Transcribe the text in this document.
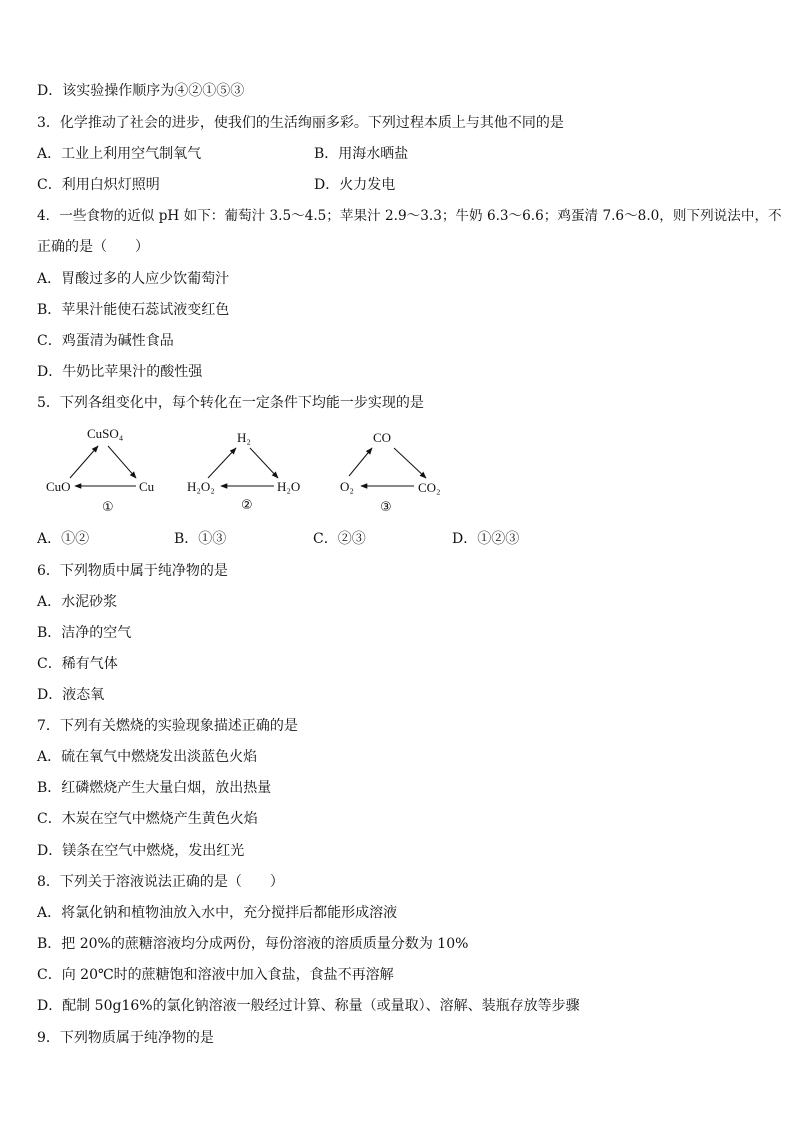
D．该实验操作顺序为④②①⑤③
3．化学推动了社会的进步，使我们的生活绚丽多彩。下列过程本质上与其他不同的是
A．工业上利用空气制氧气	B．用海水晒盐
C．利用白炽灯照明	D．火力发电
4．一些食物的近似 pH 如下：葡萄汁 3.5～4.5；苹果汁 2.9～3.3；牛奶 6.3～6.6；鸡蛋清 7.6～8.0，则下列说法中，不
正确的是（　　）
A．胃酸过多的人应少饮葡萄汁
B．苹果汁能使石蕊试液变红色
C．鸡蛋清为碱性食品
D．牛奶比苹果汁的酸性强
5．下列各组变化中，每个转化在一定条件下均能一步实现的是
CuSO₄
CuO	Cu
①
H₂
H₂O₂	H₂O
②
CO
O₂	CO₂
③
A．①②	B．①③	C．②③	D．①②③
6．下列物质中属于纯净物的是
A．水泥砂浆
B．洁净的空气
C．稀有气体
D．液态氧
7．下列有关燃烧的实验现象描述正确的是
A．硫在氧气中燃烧发出淡蓝色火焰
B．红磷燃烧产生大量白烟，放出热量
C．木炭在空气中燃烧产生黄色火焰
D．镁条在空气中燃烧，发出红光
8．下列关于溶液说法正确的是（　　）
A．将氯化钠和植物油放入水中，充分搅拌后都能形成溶液
B．把 20%的蔗糖溶液均分成两份，每份溶液的溶质质量分数为 10%
C．向 20℃时的蔗糖饱和溶液中加入食盐，食盐不再溶解
D．配制 50g16%的氯化钠溶液一般经过计算、称量（或量取）、溶解、装瓶存放等步骤
9．下列物质属于纯净物的是
